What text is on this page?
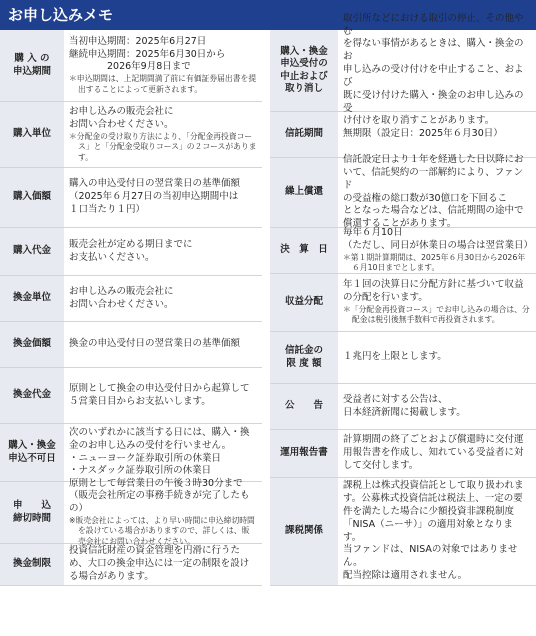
お申し込みメモ
購 入 の
申込期間

当初申込期間：2025年6月27日

継続申込期間：2025年6月30日から

　　　　2026年9月8日まで

＊申込期間は、上記期間満了前に有価証券届出書を提出することによって更新されます。

購入単位

お申し込みの販売会社に

お問い合わせください。

＊分配金の受け取り方法により、「分配金再投資コース」と「分配金受取りコース」の２コースがあります。

購入価額

購入の申込受付日の翌営業日の基準価額

（2025年６月27日の当初申込期間中は

１口当たり１円）

購入代金

販売会社が定める期日までに

お支払いください。

換金単位

お申し込みの販売会社に

お問い合わせください。

換金価額	換金の申込受付日の翌営業日の基準価額

換金代金

原則として換金の申込受付日から起算して

５営業日目からお支払いします。

購入・換金
申込不可日

次のいずれかに該当する日には、購入・換

金のお申し込みの受付を行いません。

・ニューヨーク証券取引所の休業日

・ナスダック証券取引所の休業日

申　　込
締切時間

原則として毎営業日の午後３時30分まで

（販売会社所定の事務手続きが完了したもの）

※販売会社によっては、より早い時間に申込締切時間を設けている場合がありますので、詳しくは、販売会社にお問い合わせください。

換金制限

投資信託財産の資金管理を円滑に行うた

め、大口の換金申込には一定の制限を設け

る場合があります。

購入・換金
申込受付の
中止および
取り消し

取引所などにおける取引の停止、その他やむ

を得ない事情があるときは、購入・換金のお

申し込みの受け付けを中止すること、および

既に受け付けた購入・換金のお申し込みの受

け付けを取り消すことがあります。

信託期間	無期限（設定日：2025年６月30日）

繰上償還

信託設定日より１年を経過した日以降にお

いて、信託契約の一部解約により、ファンド

の受益権の総口数が30億口を下回るこ

ととなった場合などは、信託期間の途中で

償還することがあります。

決　算　日

毎年６月10日

（ただし、同日が休業日の場合は翌営業日）

＊第１期計算期間は、2025年６月30日から2026年６月10日までとします。

収益分配

年１回の決算日に分配方針に基づいて収益

の分配を行います。

＊「分配金再投資コース」でお申し込みの場合は、分配金は税引後無手数料で再投資されます。

信託金の
限 度 額

１兆円を上限とします。

公　　告

受益者に対する公告は、

日本経済新聞に掲載します。

運用報告書

計算期間の終了ごとおよび償還時に交付運

用報告書を作成し、知れている受益者に対

して交付します。

課税関係

課税上は株式投資信託として取り扱われま

す。公募株式投資信託は税法上、一定の要

件を満たした場合に少額投資非課税制度

「NISA（ニーサ）」の適用対象となります。

当ファンドは、NISAの対象ではありませ

ん。

配当控除は適用されません。
